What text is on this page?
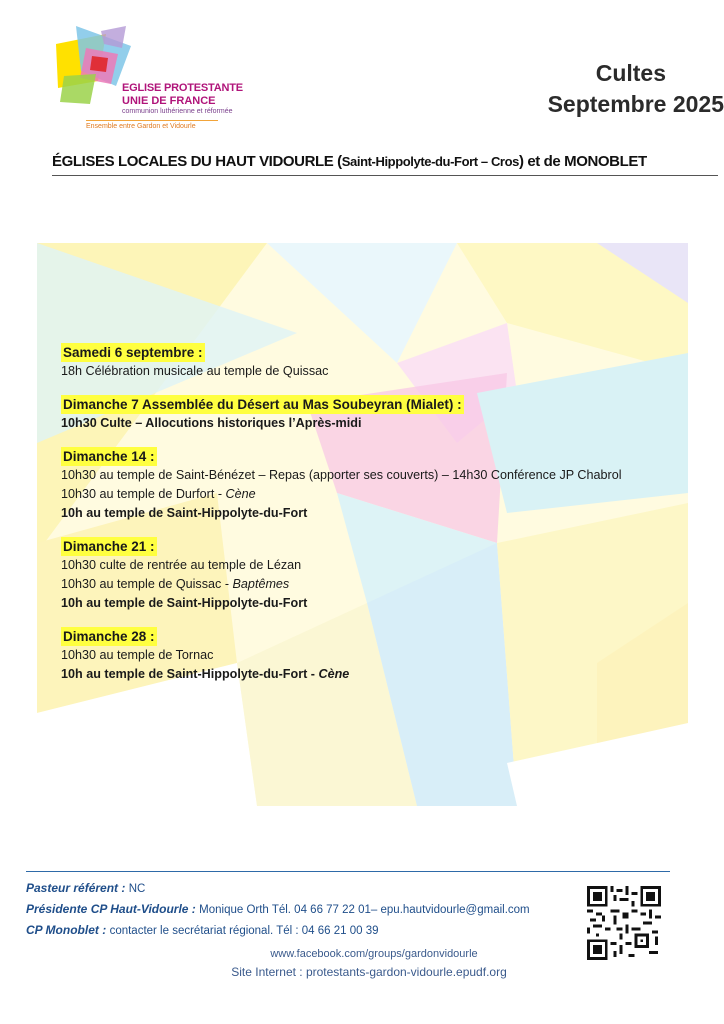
EGLISE PROTESTANTE
UNIE DE FRANCE
communion luthérienne et réformée
Ensemble entre Gardon et Vidourle
Cultes
Septembre 2025
ÉGLISES LOCALES DU HAUT VIDOURLE (Saint-Hippolyte-du-Fort – Cros) et de MONOBLET
Samedi 6 septembre :
18h Célébration musicale au temple de Quissac
Dimanche 7 Assemblée du Désert au Mas Soubeyran (Mialet) :
10h30 Culte – Allocutions historiques l’Après-midi
Dimanche 14 :
10h30 au temple de Saint-Bénézet – Repas (apporter ses couverts) – 14h30 Conférence JP Chabrol
10h30 au temple de Durfort - Cène
10h au temple de Saint-Hippolyte-du-Fort
Dimanche 21 :
10h30 culte de rentrée au temple de Lézan
10h30 au temple de Quissac - Baptêmes
10h au temple de Saint-Hippolyte-du-Fort
Dimanche 28 :
10h30 au temple de Tornac
10h au temple de Saint-Hippolyte-du-Fort - Cène
Pasteur référent : NC
Présidente CP Haut-Vidourle : Monique Orth Tél. 04 66 77 22 01– epu.hautvidourle@gmail.com
CP Monoblet : contacter le secrétariat régional. Tél : 04 66 21 00 39
www.facebook.com/groups/gardonvidourle
Site Internet : protestants-gardon-vidourle.epudf.org
